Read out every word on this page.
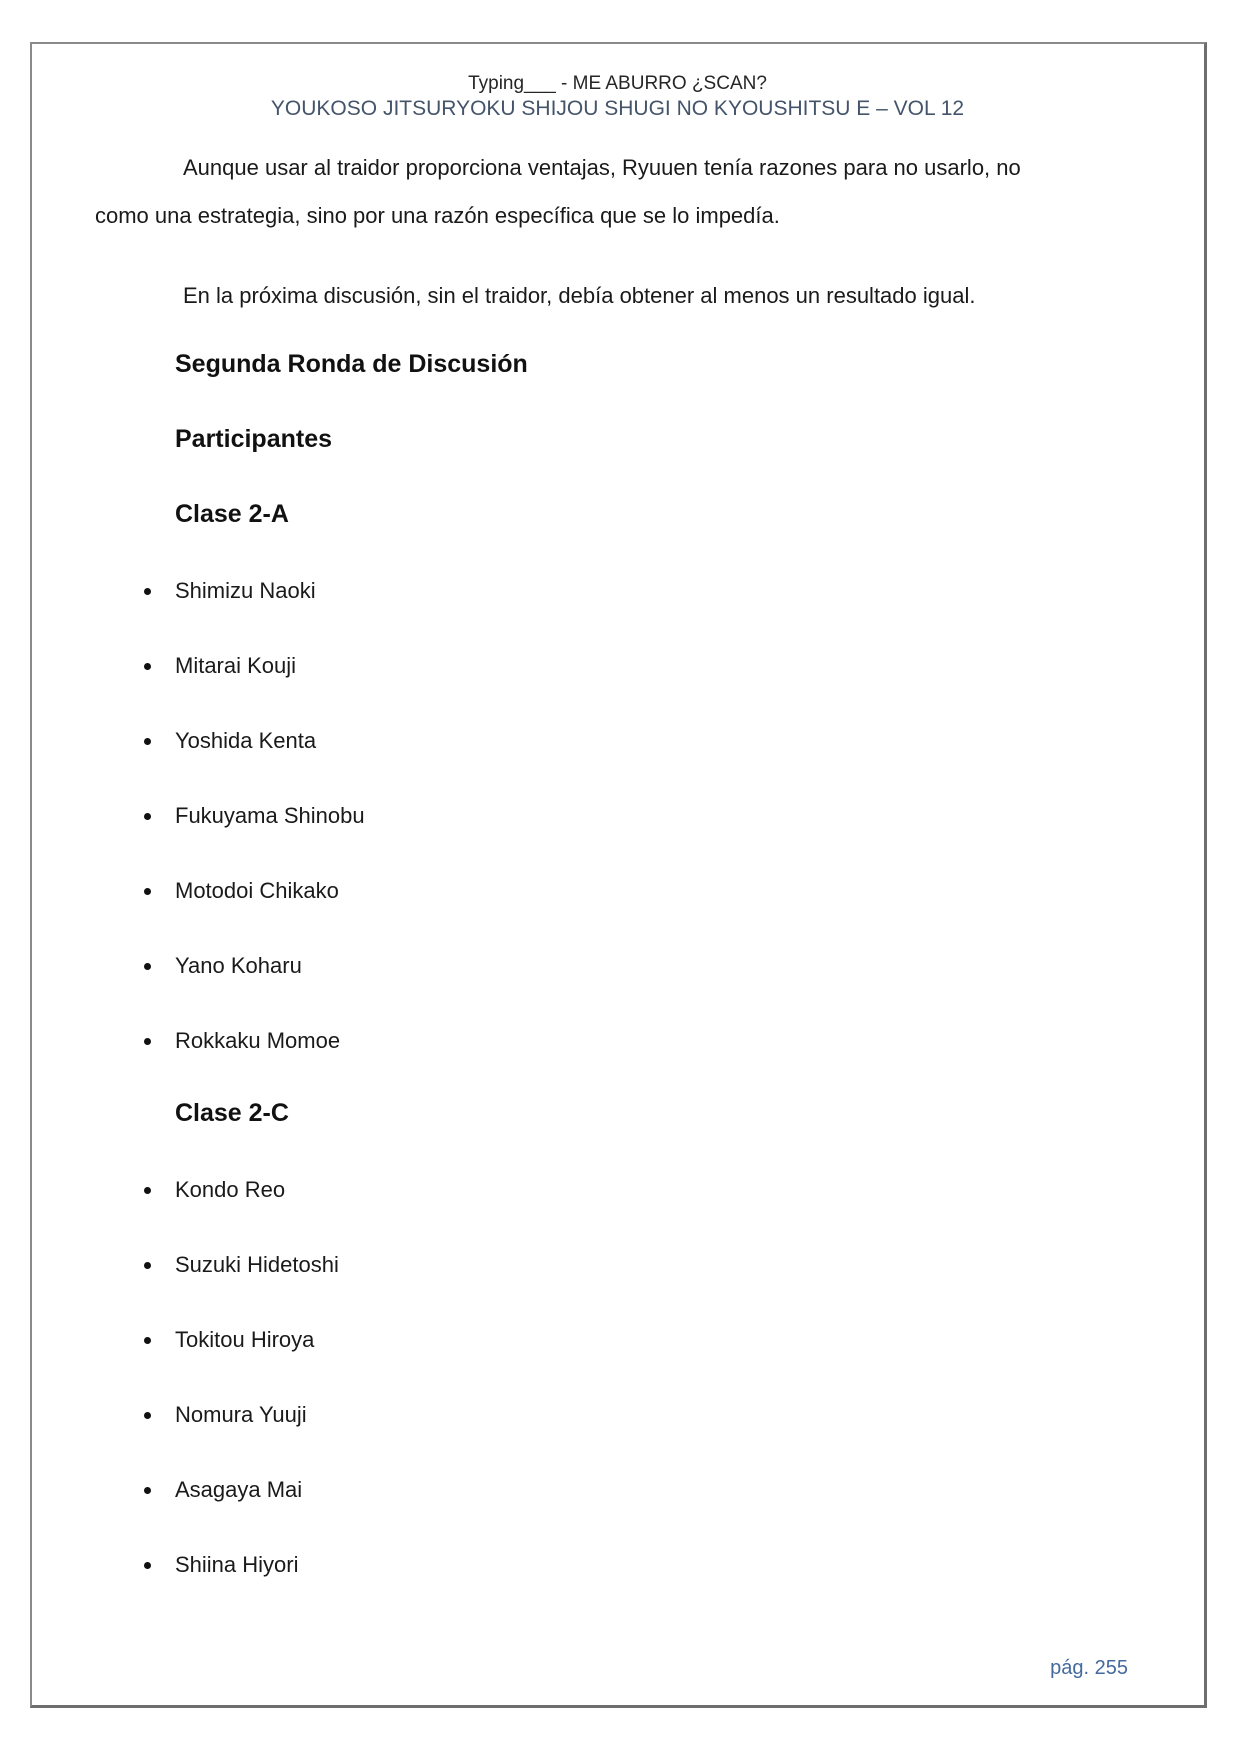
Typing___ - ME ABURRO ¿SCAN?
YOUKOSO JITSURYOKU SHIJOU SHUGI NO KYOUSHITSU E – VOL 12
Aunque usar al traidor proporciona ventajas, Ryuuen tenía razones para no usarlo, no
como una estrategia, sino por una razón específica que se lo impedía.
En la próxima discusión, sin el traidor, debía obtener al menos un resultado igual.
Segunda Ronda de Discusión
Participantes
Clase 2-A
Shimizu Naoki
Mitarai Kouji
Yoshida Kenta
Fukuyama Shinobu
Motodoi Chikako
Yano Koharu
Rokkaku Momoe
Clase 2-C
Kondo Reo
Suzuki Hidetoshi
Tokitou Hiroya
Nomura Yuuji
Asagaya Mai
Shiina Hiyori
pág. 255
